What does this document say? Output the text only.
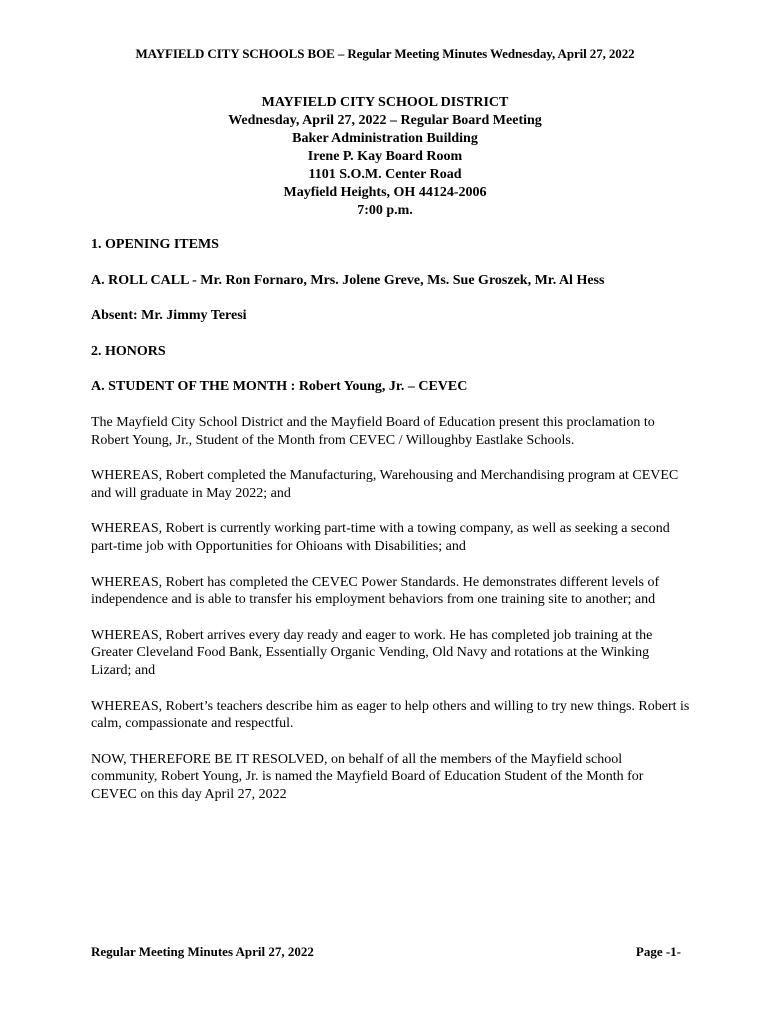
MAYFIELD CITY SCHOOLS BOE – Regular Meeting Minutes Wednesday, April 27, 2022
MAYFIELD CITY SCHOOL DISTRICT
Wednesday, April 27, 2022 – Regular Board Meeting
Baker Administration Building
Irene P. Kay Board Room
1101 S.O.M. Center Road
Mayfield Heights, OH 44124-2006
7:00 p.m.
1. OPENING ITEMS
A. ROLL CALL - Mr. Ron Fornaro, Mrs. Jolene Greve, Ms. Sue Groszek, Mr. Al Hess
Absent: Mr. Jimmy Teresi
2. HONORS
A. STUDENT OF THE MONTH : Robert Young, Jr. – CEVEC

The Mayfield City School District and the Mayfield Board of Education present this proclamation to Robert Young, Jr., Student of the Month from CEVEC / Willoughby Eastlake Schools.

WHEREAS, Robert completed the Manufacturing, Warehousing and Merchandising program at CEVEC and will graduate in May 2022; and

WHEREAS, Robert is currently working part-time with a towing company, as well as seeking a second part-time job with Opportunities for Ohioans with Disabilities; and

WHEREAS, Robert has completed the CEVEC Power Standards. He demonstrates different levels of independence and is able to transfer his employment behaviors from one training site to another; and

WHEREAS, Robert arrives every day ready and eager to work. He has completed job training at the Greater Cleveland Food Bank, Essentially Organic Vending, Old Navy and rotations at the Winking Lizard; and

WHEREAS, Robert’s teachers describe him as eager to help others and willing to try new things. Robert is calm, compassionate and respectful.

NOW, THEREFORE BE IT RESOLVED, on behalf of all the members of the Mayfield school community, Robert Young, Jr. is named the Mayfield Board of Education Student of the Month for CEVEC on this day April 27, 2022

Regular Meeting Minutes April 27, 2022	Page -1-
